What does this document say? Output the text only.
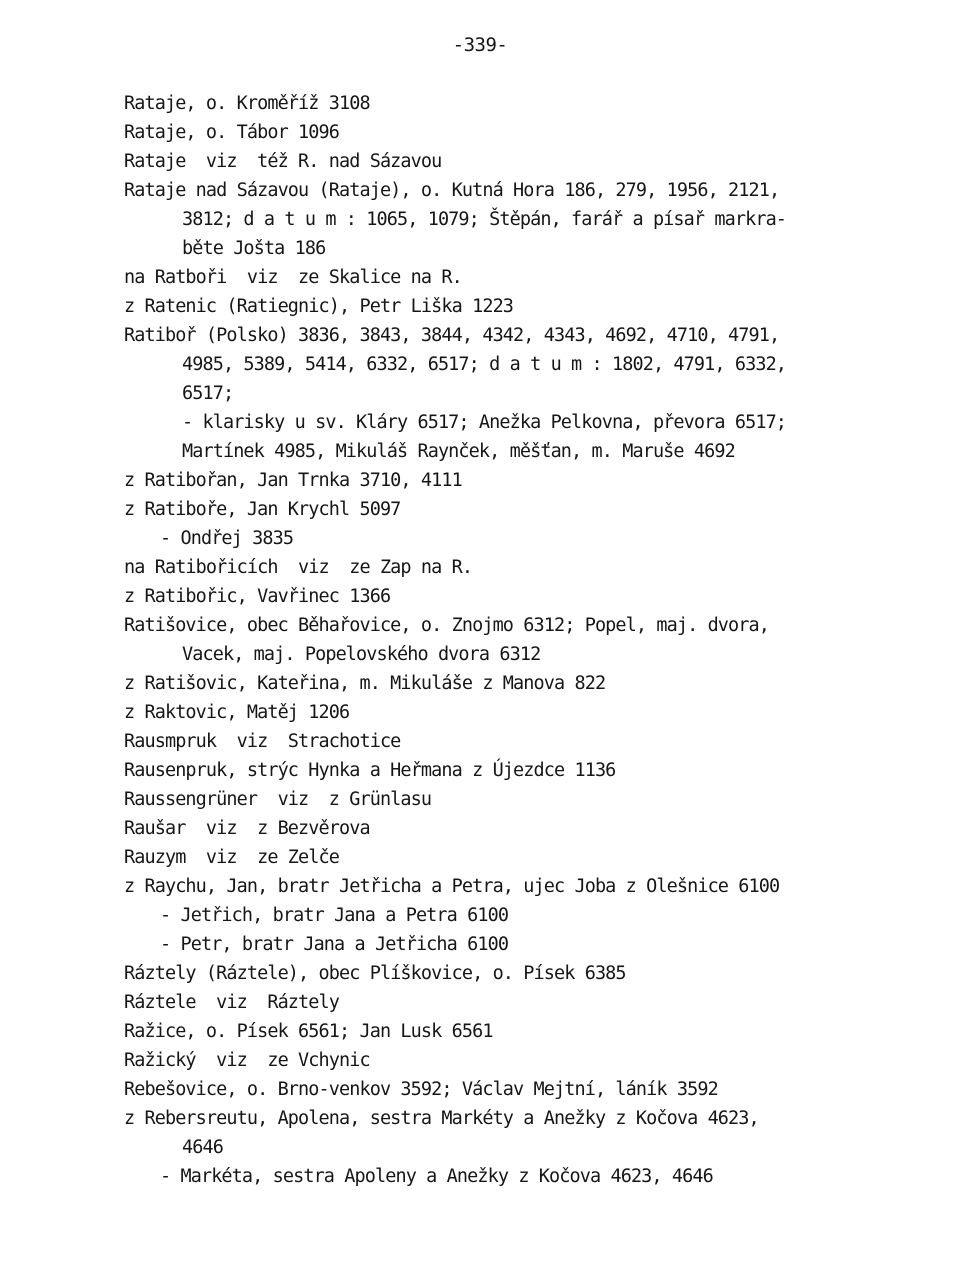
-339-
Rataje, o. Kroměříž 3108
Rataje, o. Tábor 1096
Rataje  viz  též R. nad Sázavou
Rataje nad Sázavou (Rataje), o. Kutná Hora 186, 279, 1956, 2121,
3812; d a t u m : 1065, 1079; Štěpán, farář a písař markra-
běte Jošta 186
na Ratboři  viz  ze Skalice na R.
z Ratenic (Ratiegnic), Petr Liška 1223
Ratiboř (Polsko) 3836, 3843, 3844, 4342, 4343, 4692, 4710, 4791,
4985, 5389, 5414, 6332, 6517; d a t u m : 1802, 4791, 6332,
6517;
- klarisky u sv. Kláry 6517; Anežka Pelkovna, převora 6517;
Martínek 4985, Mikuláš Raynček, měšťan, m. Maruše 4692
z Ratibořan, Jan Trnka 3710, 4111
z Ratiboře, Jan Krychl 5097
- Ondřej 3835
na Ratibořicích  viz  ze Zap na R.
z Ratibořic, Vavřinec 1366
Ratišovice, obec Běhařovice, o. Znojmo 6312; Popel, maj. dvora,
Vacek, maj. Popelovského dvora 6312
z Ratišovic, Kateřina, m. Mikuláše z Manova 822
z Raktovic, Matěj 1206
Rausmpruk  viz  Strachotice
Rausenpruk, strýc Hynka a Heřmana z Újezdce 1136
Raussengrüner  viz  z Grünlasu
Raušar  viz  z Bezvěrova
Rauzym  viz  ze Zelče
z Raychu, Jan, bratr Jetřicha a Petra, ujec Joba z Olešnice 6100
- Jetřich, bratr Jana a Petra 6100
- Petr, bratr Jana a Jetřicha 6100
Ráztely (Ráztele), obec Plíškovice, o. Písek 6385
Ráztele  viz  Ráztely
Ražice, o. Písek 6561; Jan Lusk 6561
Ražický  viz  ze Vchynic
Rebešovice, o. Brno-venkov 3592; Václav Mejtní, láník 3592
z Rebersreutu, Apolena, sestra Markéty a Anežky z Kočova 4623,
4646
- Markéta, sestra Apoleny a Anežky z Kočova 4623, 4646
